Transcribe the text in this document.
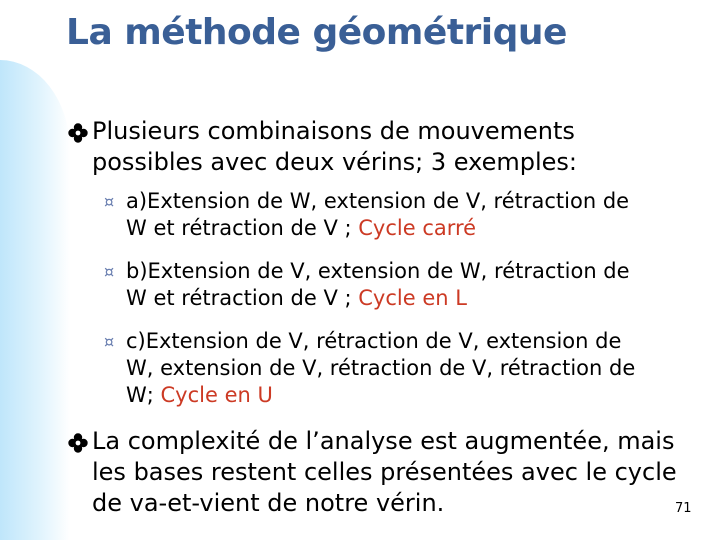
La méthode géométrique
Plusieurs combinaisons de mouvements
possibles avec deux vérins; 3 exemples:
¤ a)Extension de W, extension de V, rétraction de
W et rétraction de V ; Cycle carré
¤ b)Extension de V, extension de W, rétraction de
W et rétraction de V ; Cycle en L
¤ c)Extension de V, rétraction de V, extension de
W, extension de V, rétraction de V, rétraction de
W; Cycle en U
La complexité de l’analyse est augmentée, mais
les bases restent celles présentées avec le cycle
de va-et-vient de notre vérin.	71
